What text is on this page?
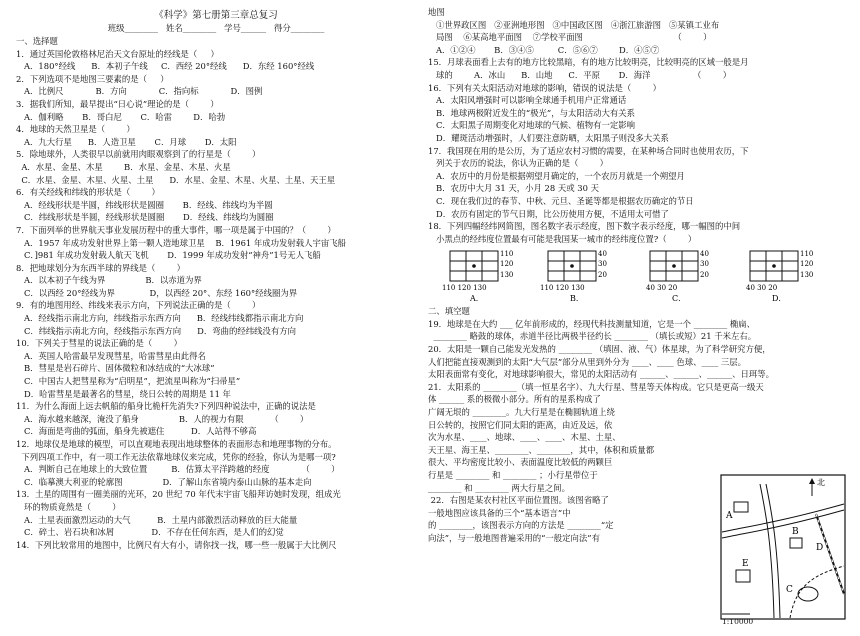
《科学》第七册第三章总复习
班级________   姓名________   学号______   得分________
一、选择题
1．通过英国伦敦格林尼治天文台原址的经线是（     ）
A．180°经线      B．本初子午线     C．西经 20°经线      D．东经 160°经线
2．下列选项不是地图三要素的是（     ）
A．比例尺            B．方向            C．指向标            D．图例
3．据我们所知，最早提出“日心说”理论的是（        ）
A．伽利略       B．哥白尼       C．哈雷        D．哈勃
4．地球的天然卫星是（        ）
A．九大行星      B．人造卫星       C．月球       D．太阳
5．除地球外，人类很早以前就用肉眼观察到了的行星是（        ）
A．水星、金星、木星        B．水星、金星、木星、火星
C．水星、金星、木星、火星、土星      D．水星、金星、木星、火星、土星、天王星
6．有关经线和纬线的形状是（        ）
A．经线形状是半圆，纬线形状是圆圈       B．经线、纬线均为半圆
C．纬线形状是半圆，经线形状是圆圈       D．经线、纬线均为圆圈
7．下面列举的世界航天事业发展历程中的重大事件，哪一项是属于中国的？（        ）
A．1957 年成功发射世界上第一颗人造地球卫星    B．1961 年成功发射载人宇宙飞船
C．]981 年成功发射载人航天飞机       D．1999 年成功发射“神舟”1号无人飞船
8．把地球划分为东西半球的界线是（        ）
A．以本初子午线为界               B．以赤道为界
C．以西经 20°经线为界             D，以西经 20°、东经 160°经线圈为界
9．有的地图用经、纬线来表示方向，下列说法正确的是（        ）
A．经线指示南北方向，纬线指示东西方向      B．经线纬线都指示南北方向
C．纬线指示南北方向，经线指示东西方向      D．弯曲的经纬线没有方向
10．下列关于彗星的说法正确的是（        ）
A．英国人哈雷最早发现彗星，哈雷彗星由此得名
B．彗星是岩石碎片、固体微粒和冰结成的“大冰球”
C．中国古人把彗星称为“启明星”，把流星叫称为“扫帚星”
D．哈雷彗星是最著名的彗星，绕日公转的周期是 11 年
11．为什么海面上远去帆船的船身比桅杆先消失?下列四种说法中，正确的说法是
A．海水越来越深，淹没了船身               B．人的视力有限          （        ）
C．海面是弯曲的弧面，船身先被遮住          D．人站得不够高
12．地球仪是地球的模型，可以直观地表现出地球整体的表面形态和地理事物的分布。
下列四项工作中，有一项工作无法依靠地球仪来完成，凭你的经验，你认为是哪一项?
A．判断自己在地球上的大致位置         B．估算太平洋跨越的经度            （        ）
C．临摹澳大利亚的轮廓图               D．了解山东省境内泰山山脉的基本走向
13．土星的周围有一圈美丽的光环，20 世纪 70 年代末宇宙飞船拜访她时发现，组成光
环的物质竟然是（        ）
A．土星表面激烈运动的大气          B．土星内部激烈活动释放的巨大能量
C．碎土、岩石块和冰屑              D．不存在任何东西，是人们的幻觉
14．下列比较常用的地图中，比例尺有大有小，请你找一找，哪一些一般属于大比例尺
地图
①世界政区图   ②亚洲地形图   ③中国政区图   ④浙江旅游图   ⑤某镇工业布
局图    ⑥某高地平面图    ⑦学校平面图                                  （        ）
A．①②④       B．③④⑤         C．⑤⑥⑦        D．④⑤⑦
15．月球表面看上去有的地方比较黑暗，有的地方比较明亮，比较明亮的区域一般是月
球的        A．冰山      B．山地      C．平原       D．海洋                （        ）
16．下列有关太阳活动对地球的影响，错误的说法是（        ）
A．太阳风增强时可以影响全球通手机用户正常通话
B．地球两极附近发生的“极光”，与太阳活动大有关系
C．太阳黑子周期变化对地球的气候、植物有一定影响
D．耀斑活动增强时，人们要注意防晒，太阳黑子则没多大关系
17．我国现在用的是公历，为了适应农村习惯的需要，在某种场合同时也使用农历，下
列关于农历的说法，你认为正确的是（        ）
A．农历中的月份是根据朔望月确定的，一个农历月就是一个朔望月
B．农历中大月 31 天，小月 28 天或 30 天
C．现在我们过的春节、中秋、元旦、圣诞等都是根据农历确定的节日
D．农历有固定的节气日期，比公历使用方便，不适用太可惜了
18．下列四幅经纬网简图，图名数字表示经度，图下数字表示经度，哪一幅图的中间
小黑点的经纬度位置最有可能是我国某一城市的经纬度位置?（        ）
110
120
130
110 120 130
40
30
20
110 120 130
40
30
20
40 30 20
110
120
130
40 30 20
A．	B．	C．	D．
二、填空题
19．地球是在大约 ___ 亿年前形成的，经现代科技测量知道，它是一个 ________ 椭扁、
________ 略鼓的球体，赤道半径比两极半径约长 ________ （填长或短）21 千米左右。
20．太阳是一颗自己能发光发热的 ________ （填固、液、气）体星球，为了科学研究方便，
人们把能直接观测到的太阳“大气层”部分从里到外分为 ____、____ 色球、____ 三层。
太阳表面常有变化，对地球影响很大，常见的太阳活动有 ______、______、______、日珥等。
21．太阳系的 ________（填一恒星名字）、九大行星、彗星等天体构成。它只是更高一级天
体 ______ 系的极微小部分。所有的星系构成了
广阔无垠的 ________。九大行星是在椭圆轨道上绕
日公转的，按照它们同太阳的距离，由近及远，依
次为水星、____、地球、____、____、木星、土星、
天王星、海王星、________、________，其中，体积和质量都
很大、平均密度比较小、表面温度比较低的两颗巨
行星是 ________ 和 ________ ；小行星带位于
________ 和 ________ 两大行星之间。
22．右图是某农村社区平面位置图。该图省略了
一般地图应该具备的三个“基本语言”中
的 ________，该图表示方向的方法是 ________“定
向法”，与一般地图普遍采用的“一般定向法”有
北
A
B
E
D
C
1:10000
